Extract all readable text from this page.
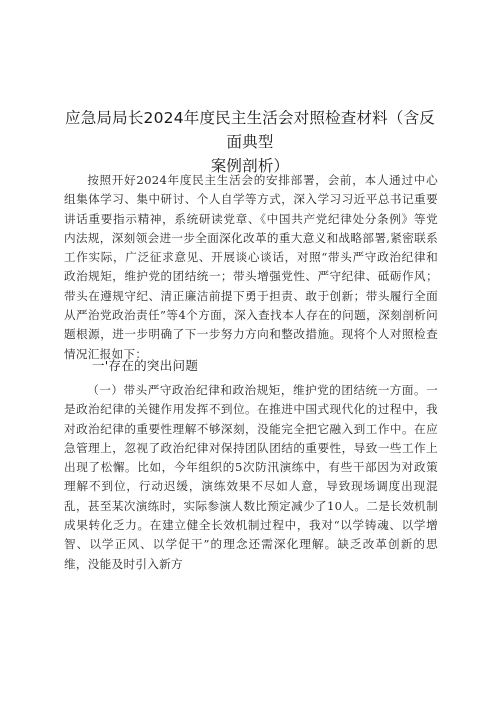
应急局局长2024年度民主生活会对照检查材料（含反面典型
案例剖析）

按照开好2024年度民主生活会的安排部署，会前，本人通过中心组集体学习、集中研讨、个人自学等方式，深入学习习近平总书记重要讲话重要指示精神，系统研读党章、《中国共产党纪律处分条例》等党内法规，深刻领会进一步全面深化改革的重大意义和战略部署,紧密联系工作实际，广泛征求意见、开展谈心谈话，对照“带头严守政治纪律和政治规矩，维护党的团结统一；带头增强党性、严守纪律、砥砺作风；带头在遵规守纪、清正廉洁前提下勇于担责、敢于创新；带头履行全面从严治党政治责任”等4个方面，深入查找本人存在的问题，深刻剖析问题根源，进一步明确了下一步努力方向和整改措施。现将个人对照检查情况汇报如下：

一'存在的突出问题

（一）带头严守政治纪律和政治规矩，维护党的团结统一方面。一是政治纪律的关键作用发挥不到位。在推进中国式现代化的过程中，我对政治纪律的重要性理解不够深刻，没能完全把它融入到工作中。在应急管理上，忽视了政治纪律对保持团队团结的重要性，导致一些工作上出现了松懈。比如，今年组织的5次防汛演练中，有些干部因为对政策理解不到位，行动迟缓，演练效果不尽如人意，导致现场调度出现混乱，甚至某次演练时，实际参演人数比预定减少了10人。二是长效机制成果转化乏力。在建立健全长效机制过程中，我对“以学铸魂、以学增智、以学正风、以学促干”的理念还需深化理解。缺乏改革创新的思维，没能及时引入新方
